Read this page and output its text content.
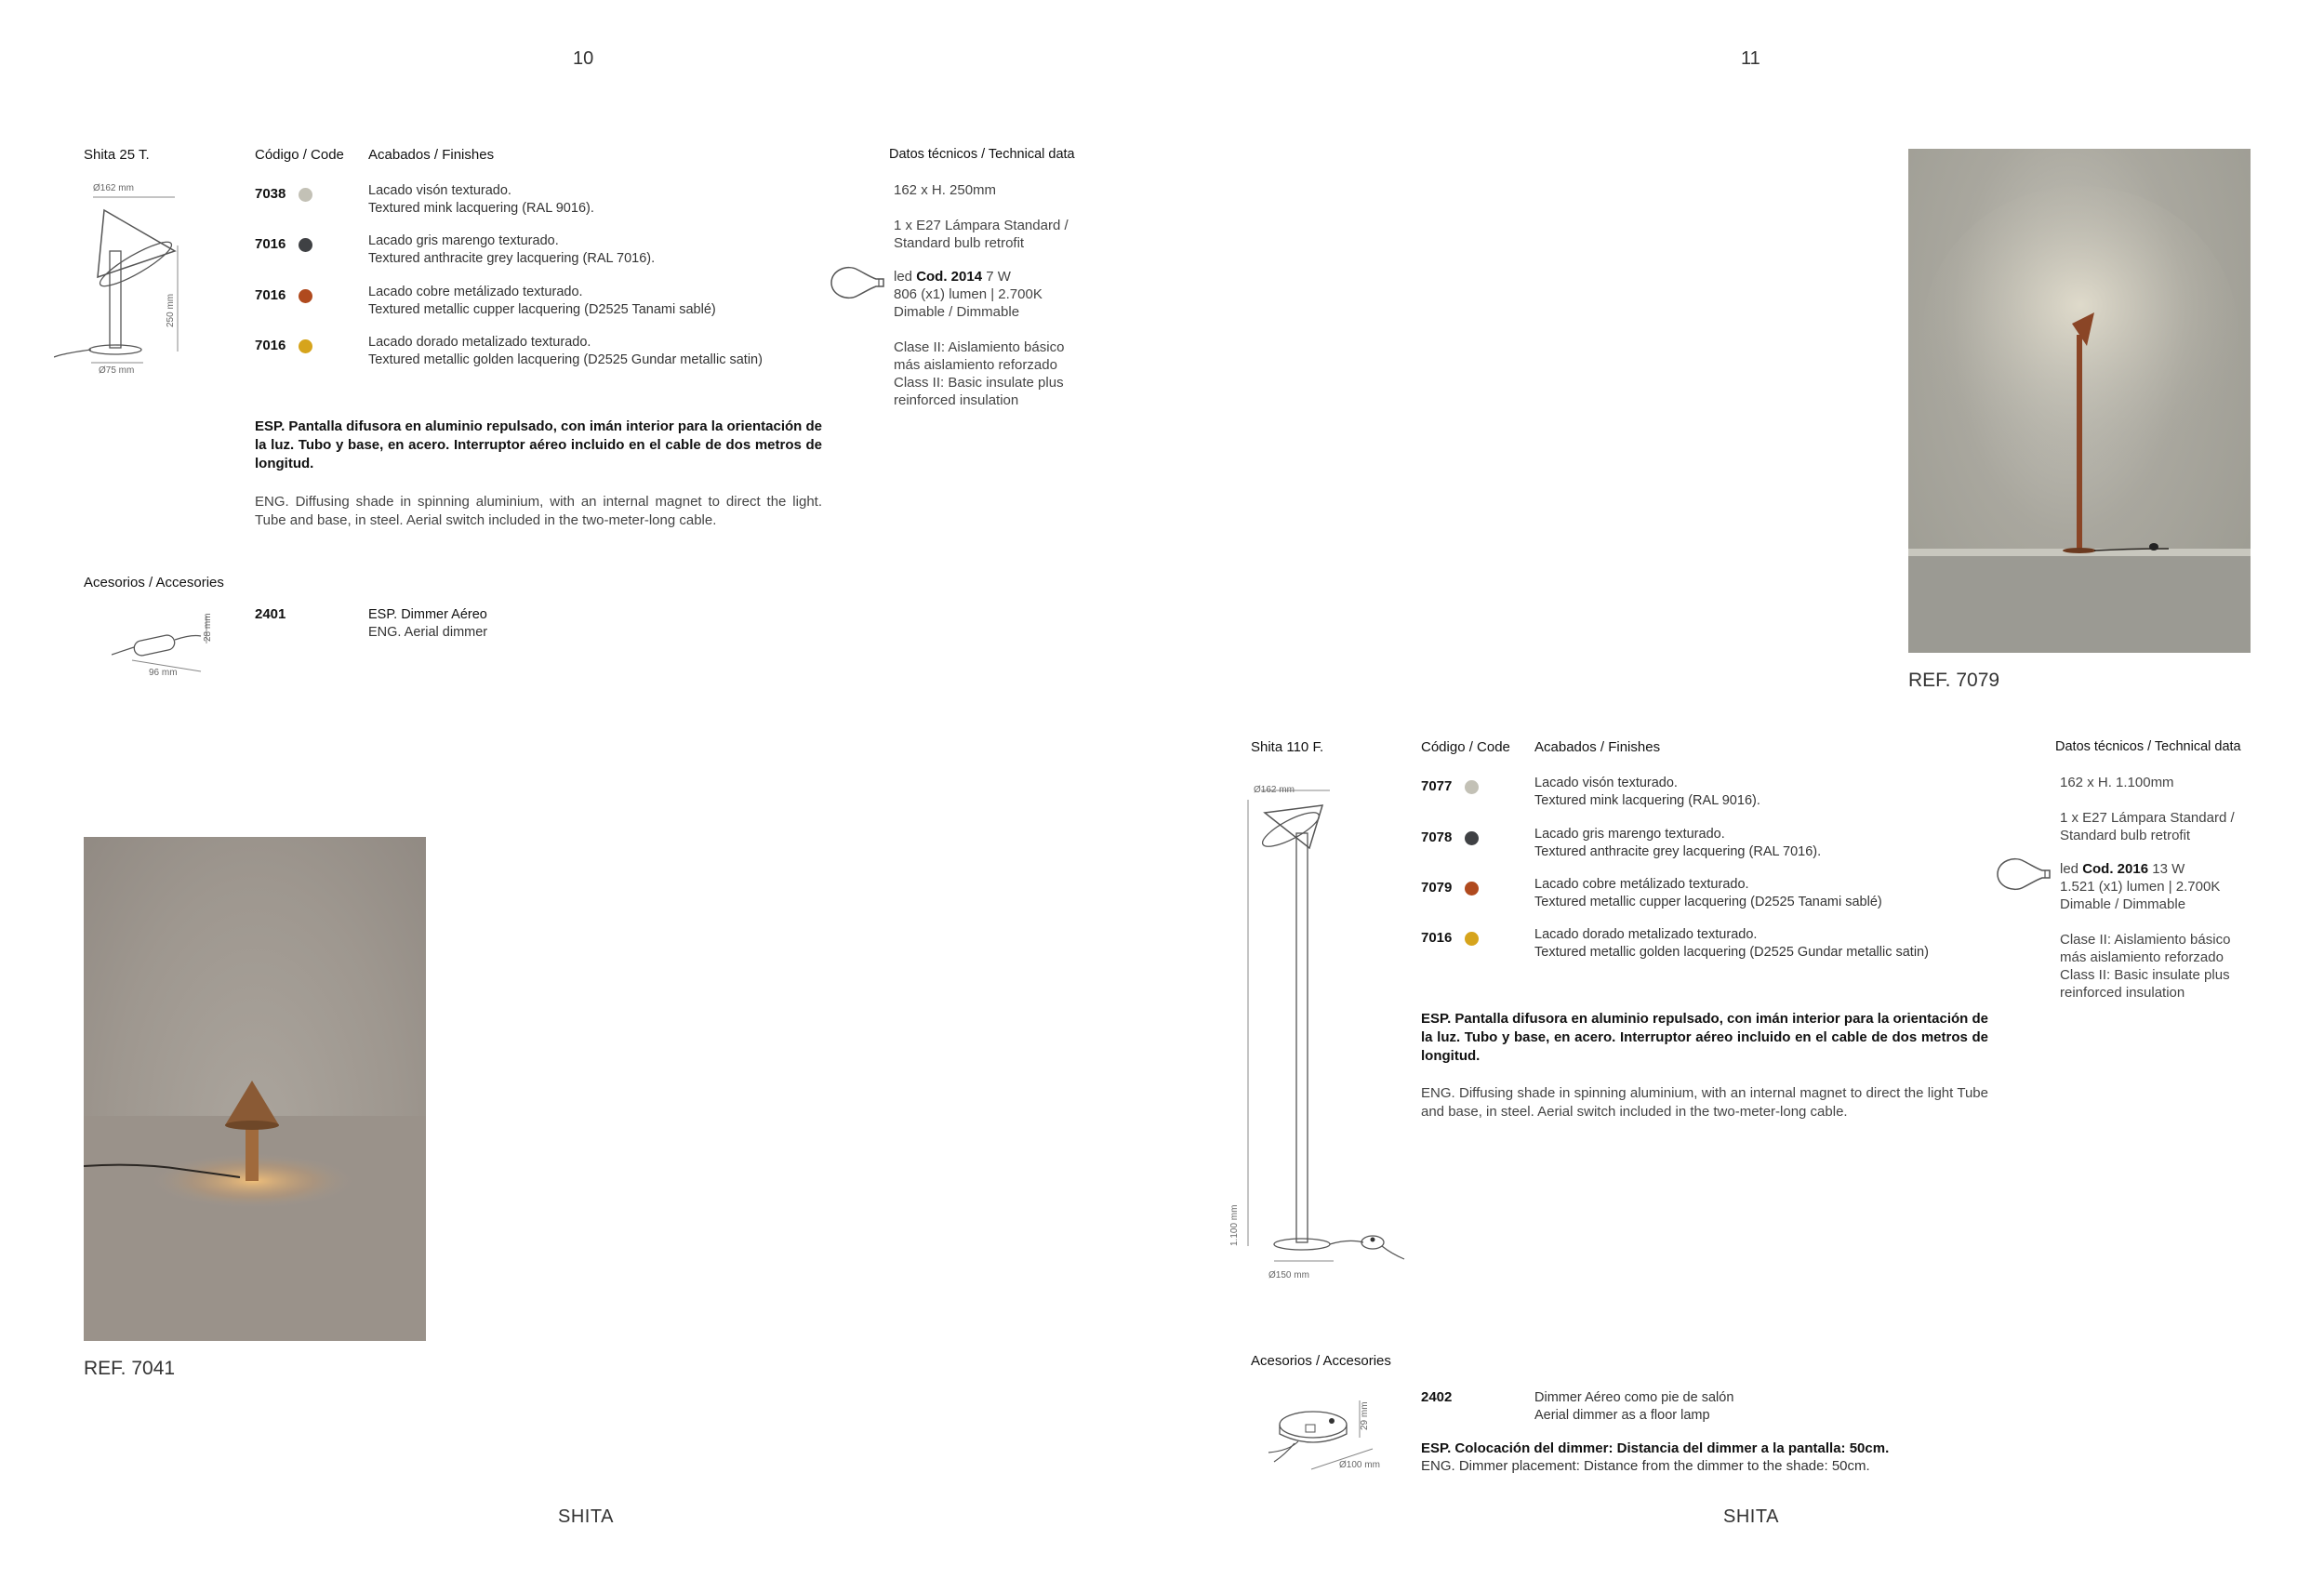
10
Shita 25 T.
Ø162 mm
250 mm
Ø75 mm
Código / Code Acabados / Finishes	Datos técnicos / Technical data
7038	Lacado visón texturado.
Textured mink lacquering (RAL 9016).
7016	Lacado gris marengo texturado.
Textured anthracite grey lacquering (RAL 7016).
7016	Lacado cobre metálizado texturado.
Textured metallic cupper lacquering (D2525 Tanami sablé)
7016	Lacado dorado metalizado texturado.
Textured metallic golden lacquering (D2525 Gundar metallic satin)
ESP. Pantalla difusora en aluminio repulsado, con imán interior para la orientación de la luz. Tubo y base, en acero. Interruptor aéreo incluido en el cable de dos metros de longitud.
ENG. Diffusing shade in spinning aluminium, with an internal magnet to direct the light. Tube and base, in steel. Aerial switch included in the two-meter-long cable.
162 x H. 250mm
1 x E27 Lámpara Standard /
Standard bulb retrofit
led Cod. 2014 7 W
806 (x1) lumen | 2.700K
Dimable / Dimmable
Clase II: Aislamiento básico
más aislamiento reforzado
Class II: Basic insulate plus
reinforced insulation
Acesorios / Accesories
28 mm
96 mm
2401	ESP. Dimmer Aéreo
ENG. Aerial dimmer
REF. 7041
SHITA
11
REF. 7079
Shita 110 F.
Ø162 mm
1.100 mm
Ø150 mm
Código / Code Acabados / Finishes	Datos técnicos / Technical data
7077	Lacado visón texturado.
Textured mink lacquering (RAL 9016).
7078	Lacado gris marengo texturado.
Textured anthracite grey lacquering (RAL 7016).
7079	Lacado cobre metálizado texturado.
Textured metallic cupper lacquering (D2525 Tanami sablé)
7016	Lacado dorado metalizado texturado.
Textured metallic golden lacquering (D2525 Gundar metallic satin)
ESP. Pantalla difusora en aluminio repulsado, con imán interior para la orientación de la luz. Tubo y base, en acero. Interruptor aéreo incluido en el cable de dos metros de longitud.
ENG. Diffusing shade in spinning aluminium, with an internal magnet to direct the light Tube and base, in steel. Aerial switch included in the two-meter-long cable.
162 x H. 1.100mm
1 x E27 Lámpara Standard /
Standard bulb retrofit
led Cod. 2016 13 W
1.521 (x1) lumen | 2.700K
Dimable / Dimmable
Clase II: Aislamiento básico
más aislamiento reforzado
Class II: Basic insulate plus
reinforced insulation
Acesorios / Accesories
29 mm
Ø100 mm
2402	Dimmer Aéreo como pie de salón
Aerial dimmer as a floor lamp
ESP. Colocación del dimmer: Distancia del dimmer a la pantalla: 50cm.
ENG. Dimmer placement: Distance from the dimmer to the shade: 50cm.
SHITA
